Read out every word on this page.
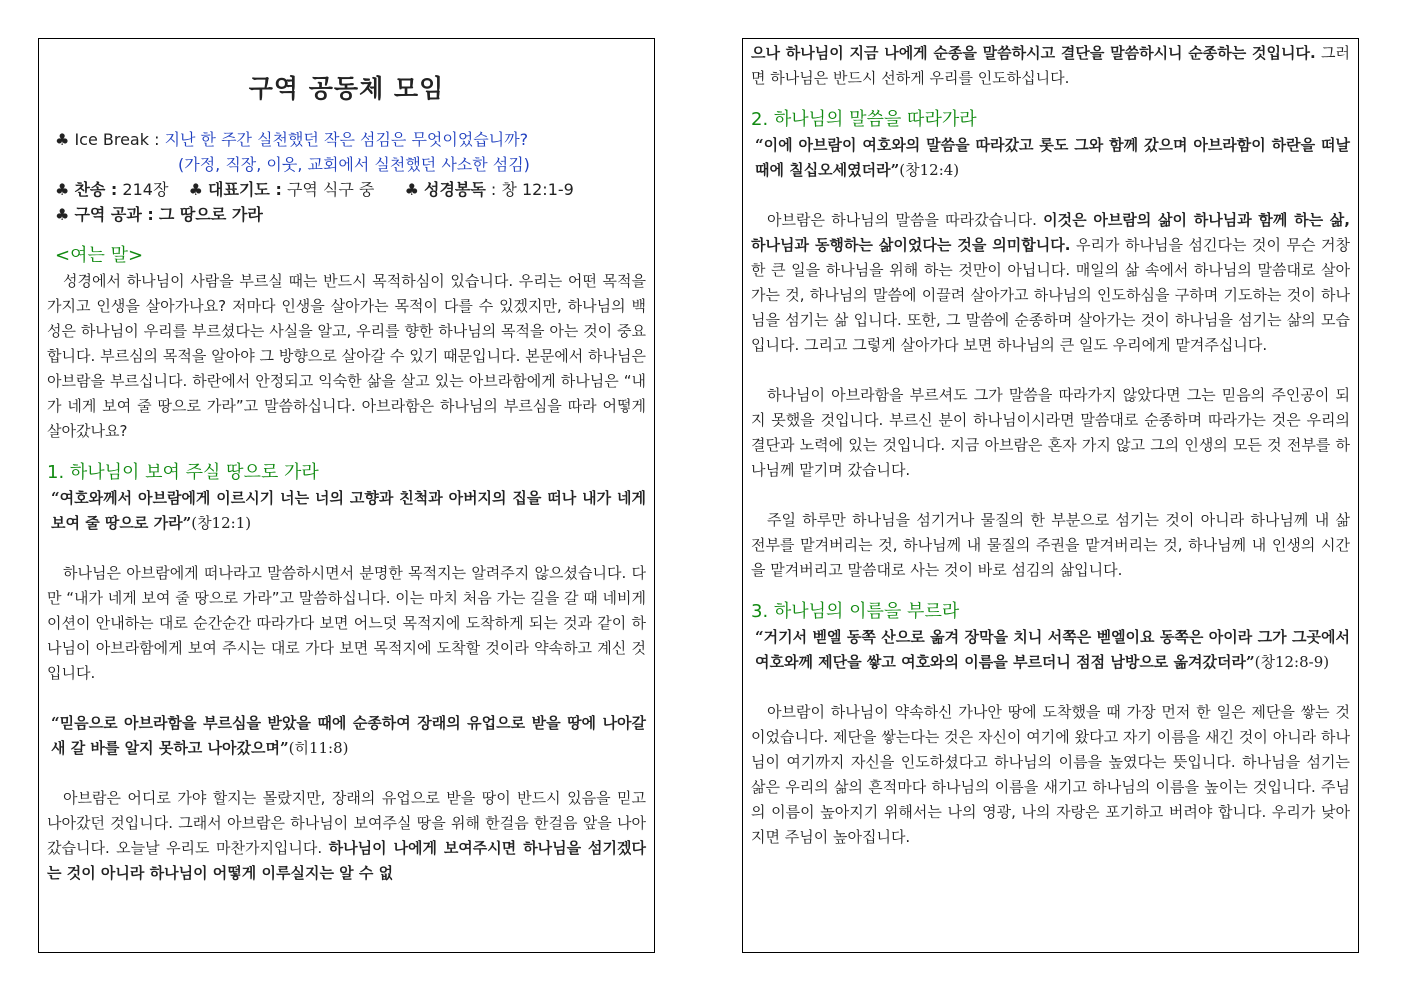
구역 공동체 모임
♣ Ice Break : 지난 한 주간 실천했던 작은 섬김은 무엇이었습니까?
(가정, 직장, 이웃, 교회에서 실천했던 사소한 섬김)
♣ 찬송 : 214장 ♣ 대표기도 : 구역 식구 중 ♣ 성경봉독 : 창 12:1-9
♣ 구역 공과 : 그 땅으로 가라
<여는 말>

성경에서 하나님이 사람을 부르실 때는 반드시 목적하심이 있습니다. 우리는 어떤 목적을 가지고 인생을 살아가나요? 저마다 인생을 살아가는 목적이 다를 수 있겠지만, 하나님의 백성은 하나님이 우리를 부르셨다는 사실을 알고, 우리를 향한 하나님의 목적을 아는 것이 중요합니다. 부르심의 목적을 알아야 그 방향으로 살아갈 수 있기 때문입니다. 본문에서 하나님은 아브람을 부르십니다. 하란에서 안정되고 익숙한 삶을 살고 있는 아브라함에게 하나님은 “내가 네게 보여 줄 땅으로 가라”고 말씀하십니다. 아브라함은 하나님의 부르심을 따라 어떻게 살아갔나요?

1. 하나님이 보여 주실 땅으로 가라

“여호와께서 아브람에게 이르시기 너는 너의 고향과 친척과 아버지의 집을 떠나 내가 네게 보여 줄 땅으로 가라”(창12:1)

하나님은 아브람에게 떠나라고 말씀하시면서 분명한 목적지는 알려주지 않으셨습니다. 다만 “내가 네게 보여 줄 땅으로 가라”고 말씀하십니다. 이는 마치 처음 가는 길을 갈 때 네비게이션이 안내하는 대로 순간순간 따라가다 보면 어느덧 목적지에 도착하게 되는 것과 같이 하나님이 아브라함에게 보여 주시는 대로 가다 보면 목적지에 도착할 것이라 약속하고 계신 것입니다.

“믿음으로 아브라함을 부르심을 받았을 때에 순종하여 장래의 유업으로 받을 땅에 나아갈 새 갈 바를 알지 못하고 나아갔으며”(히11:8)

아브람은 어디로 가야 할지는 몰랐지만, 장래의 유업으로 받을 땅이 반드시 있음을 믿고 나아갔던 것입니다. 그래서 아브람은 하나님이 보여주실 땅을 위해 한걸음 한걸음 앞을 나아갔습니다. 오늘날 우리도 마찬가지입니다. 하나님이 나에게 보여주시면 하나님을 섬기겠다는 것이 아니라 하나님이 어떻게 이루실지는 알 수 없

으나 하나님이 지금 나에게 순종을 말씀하시고 결단을 말씀하시니 순종하는 것입니다. 그러면 하나님은 반드시 선하게 우리를 인도하십니다.

2. 하나님의 말씀을 따라가라

“이에 아브람이 여호와의 말씀을 따라갔고 롯도 그와 함께 갔으며 아브라함이 하란을 떠날 때에 칠십오세였더라”(창12:4)

아브람은 하나님의 말씀을 따라갔습니다. 이것은 아브람의 삶이 하나님과 함께 하는 삶, 하나님과 동행하는 삶이었다는 것을 의미합니다. 우리가 하나님을 섬긴다는 것이 무슨 거창한 큰 일을 하나님을 위해 하는 것만이 아닙니다. 매일의 삶 속에서 하나님의 말씀대로 살아가는 것, 하나님의 말씀에 이끌려 살아가고 하나님의 인도하심을 구하며 기도하는 것이 하나님을 섬기는 삶 입니다. 또한, 그 말씀에 순종하며 살아가는 것이 하나님을 섬기는 삶의 모습입니다. 그리고 그렇게 살아가다 보면 하나님의 큰 일도 우리에게 맡겨주십니다.

하나님이 아브라함을 부르셔도 그가 말씀을 따라가지 않았다면 그는 믿음의 주인공이 되지 못했을 것입니다. 부르신 분이 하나님이시라면 말씀대로 순종하며 따라가는 것은 우리의 결단과 노력에 있는 것입니다. 지금 아브람은 혼자 가지 않고 그의 인생의 모든 것 전부를 하나님께 맡기며 갔습니다.

주일 하루만 하나님을 섬기거나 물질의 한 부분으로 섬기는 것이 아니라 하나님께 내 삶 전부를 맡겨버리는 것, 하나님께 내 물질의 주권을 맡겨버리는 것, 하나님께 내 인생의 시간을 맡겨버리고 말씀대로 사는 것이 바로 섬김의 삶입니다.

3. 하나님의 이름을 부르라

“거기서 벧엘 동쪽 산으로 옮겨 장막을 치니 서쪽은 벧엘이요 동쪽은 아이라 그가 그곳에서 여호와께 제단을 쌓고 여호와의 이름을 부르더니 점점 남방으로 옮겨갔더라”(창12:8-9)

아브람이 하나님이 약속하신 가나안 땅에 도착했을 때 가장 먼저 한 일은 제단을 쌓는 것이었습니다. 제단을 쌓는다는 것은 자신이 여기에 왔다고 자기 이름을 새긴 것이 아니라 하나님이 여기까지 자신을 인도하셨다고 하나님의 이름을 높였다는 뜻입니다. 하나님을 섬기는 삶은 우리의 삶의 흔적마다 하나님의 이름을 새기고 하나님의 이름을 높이는 것입니다. 주님의 이름이 높아지기 위해서는 나의 영광, 나의 자랑은 포기하고 버려야 합니다. 우리가 낮아지면 주님이 높아집니다.
